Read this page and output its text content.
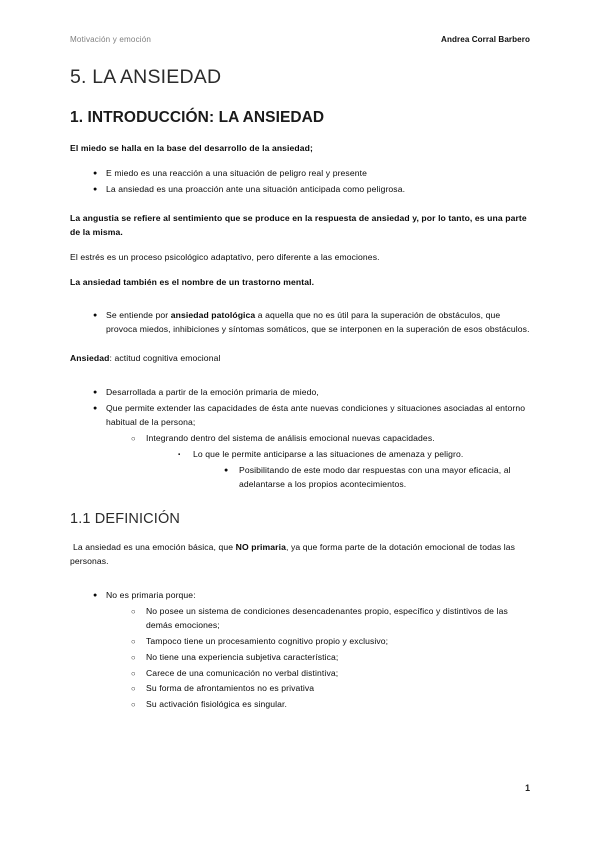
Motivación y emoción	Andrea Corral Barbero
5. LA ANSIEDAD
1. INTRODUCCIÓN: LA ANSIEDAD

El miedo se halla en la base del desarrollo de la ansiedad;

●	E miedo es una reacción a una situación de peligro real y presente
●	La ansiedad es una proacción ante una situación anticipada como peligrosa.

La angustia se refiere al sentimiento que se produce en la respuesta de ansiedad y, por lo tanto, es una parte de la misma.

El estrés es un proceso psicológico adaptativo, pero diferente a las emociones.

La ansiedad también es el nombre de un trastorno mental.

●	Se entiende por ansiedad patológica a aquella que no es útil para la superación de obstáculos, que provoca miedos, inhibiciones y síntomas somáticos, que se interponen en la superación de esos obstáculos.

Ansiedad: actitud cognitiva emocional

●	Desarrollada a partir de la emoción primaria de miedo,
●	Que permite extender las capacidades de ésta ante nuevas condiciones y situaciones asociadas al entorno habitual de la persona;
○	Integrando dentro del sistema de análisis emocional nuevas capacidades.
▪	Lo que le permite anticiparse a las situaciones de amenaza y peligro.
●	Posibilitando de este modo dar respuestas con una mayor eficacia, al adelantarse a los propios acontecimientos.
1.1 DEFINICIÓN

La ansiedad es una emoción básica, que NO primaria, ya que forma parte de la dotación emocional de todas las personas.

●	No es primaria porque:
○	No posee un sistema de condiciones desencadenantes propio, específico y distintivos de las demás emociones;
○	Tampoco tiene un procesamiento cognitivo propio y exclusivo;
○	No tiene una experiencia subjetiva característica;
○	Carece de una comunicación no verbal distintiva;
○	Su forma de afrontamientos no es privativa
○	Su activación fisiológica es singular.
1
